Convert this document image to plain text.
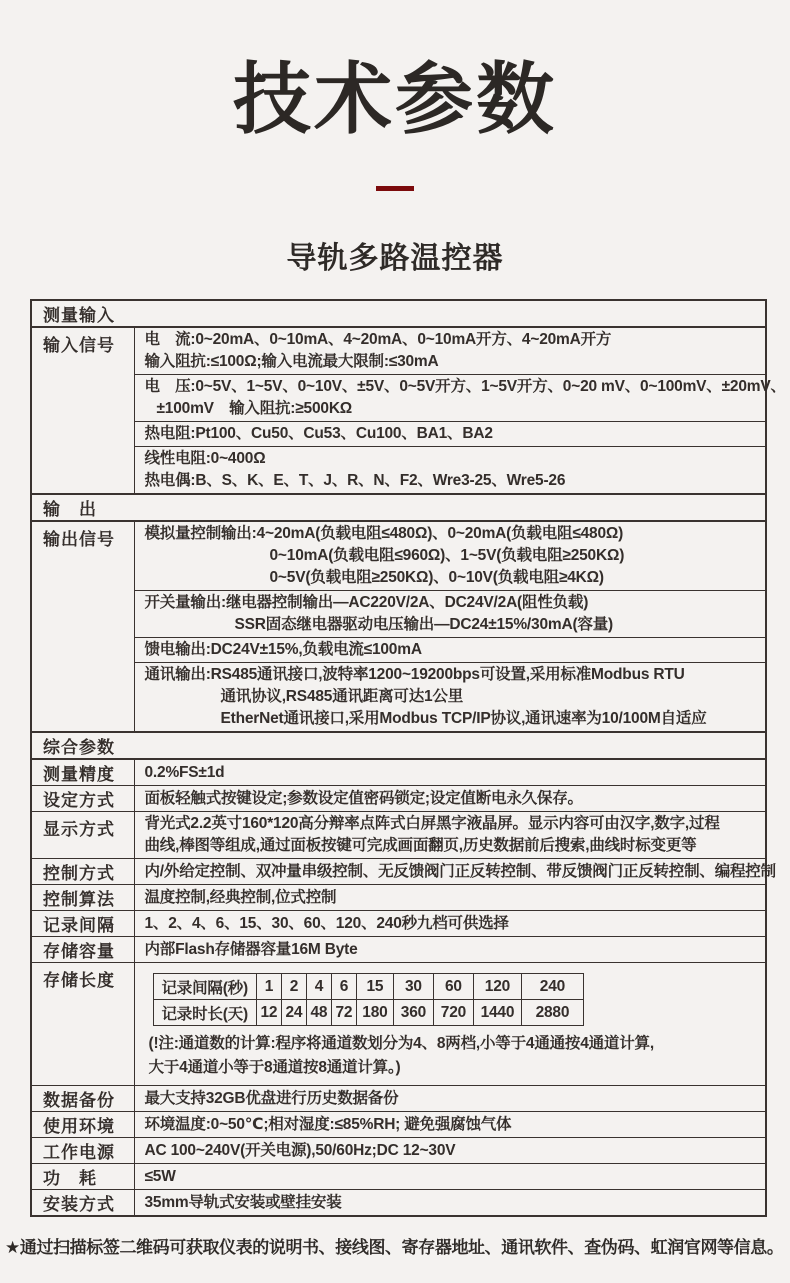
技术参数
导轨多路温控器
测量输入
输入信号	电　流:0~20mA、0~10mA、4~20mA、0~10mA开方、4~20mA开方
输入阻抗:≤100Ω;输入电流最大限制:≤30mA

电　压:0~5V、1~5V、0~10V、±5V、0~5V开方、1~5V开方、0~20 mV、0~100mV、±20mV、
±100mV　输入阻抗:≥500KΩ

热电阻:Pt100、Cu50、Cu53、Cu100、BA1、BA2

线性电阻:0~400Ω
热电偶:B、S、K、E、T、J、R、N、F2、Wre3-25、Wre5-26

输　出
输出信号	模拟量控制输出:4~20mA(负载电阻≤480Ω)、0~20mA(负载电阻≤480Ω)
0~10mA(负载电阻≤960Ω)、1~5V(负载电阻≥250KΩ)
0~5V(负载电阻≥250KΩ)、0~10V(负载电阻≥4KΩ)

开关量输出:继电器控制输出—AC220V/2A、DC24V/2A(阻性负载)
SSR固态继电器驱动电压输出—DC24±15%/30mA(容量)

馈电输出:DC24V±15%,负载电流≤100mA

通讯输出:RS485通讯接口,波特率1200~19200bps可设置,采用标准Modbus RTU
通讯协议,RS485通讯距离可达1公里
EtherNet通讯接口,采用Modbus TCP/IP协议,通讯速率为10/100M自适应

综合参数
测量精度	0.2%FS±1d

设定方式	面板轻触式按键设定;参数设定值密码锁定;设定值断电永久保存。

显示方式	背光式2.2英寸160*120高分辩率点阵式白屏黑字液晶屏。显示内容可由汉字,数字,过程
曲线,棒图等组成,通过面板按键可完成画面翻页,历史数据前后搜索,曲线时标变更等

控制方式	内/外给定控制、双冲量串级控制、无反馈阀门正反转控制、带反馈阀门正反转控制、编程控制

控制算法	温度控制,经典控制,位式控制

记录间隔	1、2、4、6、15、30、60、120、240秒九档可供选择

存储容量	内部Flash存储器容量16M Byte

存储长度		记录间隔(秒)	1	2	4	6	15	30	60	120	240
记录时长(天)	12	24	48	72	180	360	720	1440	2880
(!注:通道数的计算:程序将通道数划分为4、8两档,小等于4通通按4通道计算,
大于4通道小等于8通道按8通道计算。)

数据备份	最大支持32GB优盘进行历史数据备份

使用环境	环境温度:0~50℃;相对湿度:≤85%RH; 避免强腐蚀气体

工作电源	AC 100~240V(开关电源),50/60Hz;DC 12~30V

功　耗	≤5W

安装方式	35mm导轨式安装或壁挂安装
★通过扫描标签二维码可获取仪表的说明书、接线图、寄存器地址、通讯软件、查伪码、虹润官网等信息。
